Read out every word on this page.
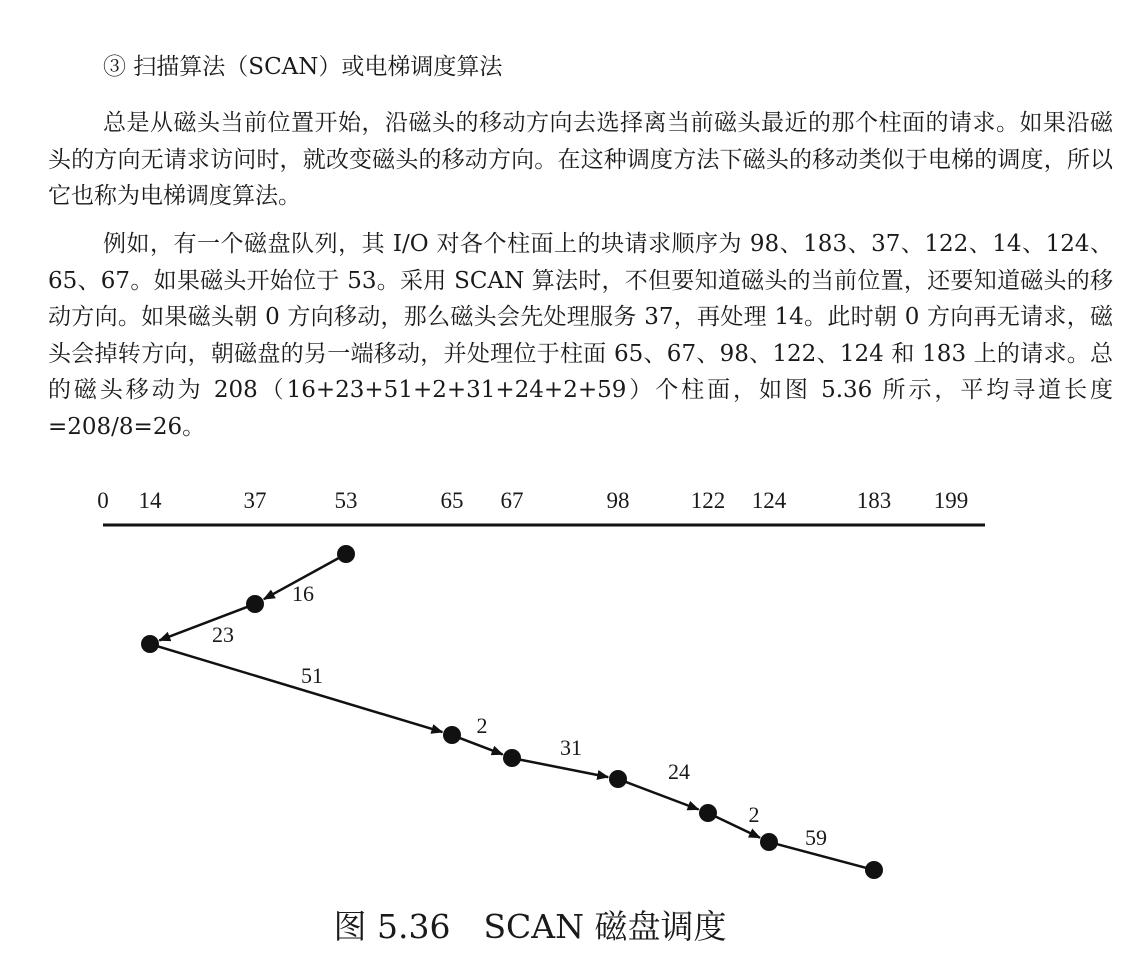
③ 扫描算法（SCAN）或电梯调度算法

总是从磁头当前位置开始，沿磁头的移动方向去选择离当前磁头最近的那个柱面的请求。如果沿磁头的方向无请求访问时，就改变磁头的移动方向。在这种调度方法下磁头的移动类似于电梯的调度，所以它也称为电梯调度算法。

例如，有一个磁盘队列，其 I/O 对各个柱面上的块请求顺序为 98、183、37、122、14、124、65、67。如果磁头开始位于 53。采用 SCAN 算法时，不但要知道磁头的当前位置，还要知道磁头的移动方向。如果磁头朝 0 方向移动，那么磁头会先处理服务 37，再处理 14。此时朝 0 方向再无请求，磁头会掉转方向，朝磁盘的另一端移动，并处理位于柱面 65、67、98、122、124 和 183 上的请求。总的磁头移动为 208（16+23+51+2+31+24+2+59）个柱面，如图 5.36 所示，平均寻道长度=208/8=26。

0 14	37	53	65 67	98	122 124	183 199
16
23
51
2
31
24
2
59
图 5.36　SCAN 磁盘调度
